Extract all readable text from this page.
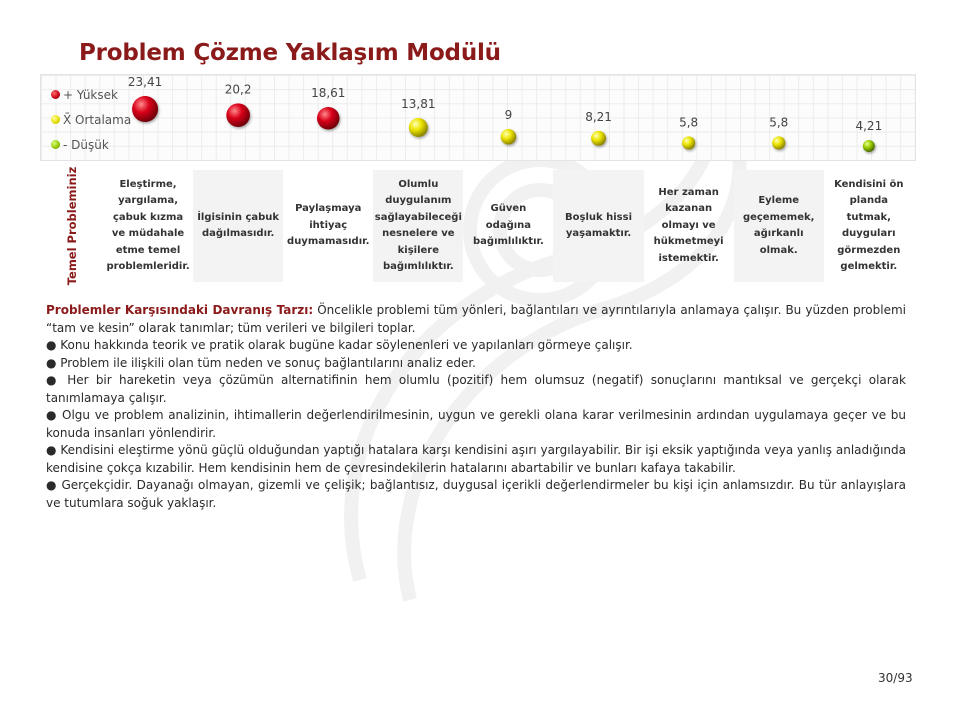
Problem Çözme Yaklaşım Modülü
23,41
20,2	18,61
13,81
9	8,21	5,8	5,8	4,21
+ Yüksek
X̄ Ortalama
- Düşük
Temel Probleminiz	Eleştirme, yargılama, çabuk kızma ve müdahale etme temel problemleridir.
İlgisinin çabuk dağılmasıdır.
Paylaşmaya ihtiyaç duymamasıdır.
Olumlu duygulanım sağlayabileceği nesnelere ve kişilere bağımlılıktır.
Güven odağına bağımlılıktır.
Boşluk hissi yaşamaktır.
Her zaman kazanan olmayı ve hükmetmeyi istemektir.
Eyleme geçememek, ağırkanlı olmak.
Kendisini ön planda tutmak, duyguları görmezden gelmektir.

Problemler Karşısındaki Davranış Tarzı: Öncelikle problemi tüm yönleri, bağlantıları ve ayrıntılarıyla anlamaya çalışır. Bu yüzden problemi “tam ve kesin” olarak tanımlar; tüm verileri ve bilgileri toplar.

● Konu hakkında teorik ve pratik olarak bugüne kadar söylenenleri ve yapılanları görmeye çalışır.

● Problem ile ilişkili olan tüm neden ve sonuç bağlantılarını analiz eder.

● Her bir hareketin veya çözümün alternatifinin hem olumlu (pozitif) hem olumsuz (negatif) sonuçlarını mantıksal ve gerçekçi olarak tanımlamaya çalışır.

● Olgu ve problem analizinin, ihtimallerin değerlendirilmesinin, uygun ve gerekli olana karar verilmesinin ardından uygulamaya geçer ve bu konuda insanları yönlendirir.

● Kendisini eleştirme yönü güçlü olduğundan yaptığı hatalara karşı kendisini aşırı yargılayabilir. Bir işi eksik yaptığında veya yanlış anladığında kendisine çokça kızabilir. Hem kendisinin hem de çevresindekilerin hatalarını abartabilir ve bunları kafaya takabilir.

● Gerçekçidir. Dayanağı olmayan, gizemli ve çelişik; bağlantısız, duygusal içerikli değerlendirmeler bu kişi için anlamsızdır. Bu tür anlayışlara ve tutumlara soğuk yaklaşır.

30/93
